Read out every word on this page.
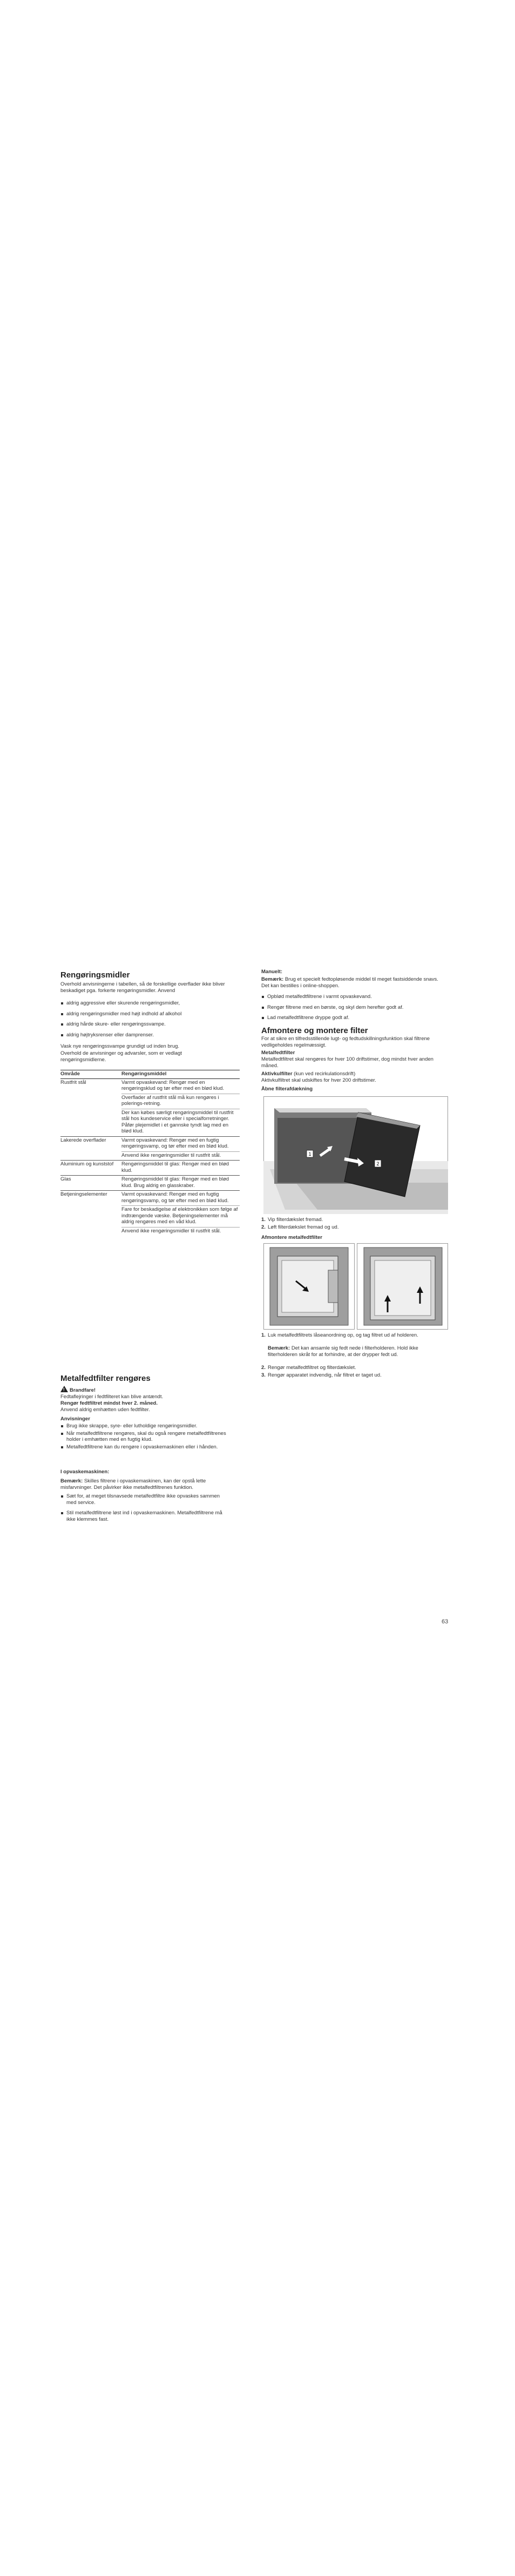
Rengøringsmidler

Overhold anvisningerne i tabellen, så de forskellige overflader ikke bliver beskadiget pga. forkerte rengøringsmidler. Anvend

aldrig aggressive eller skurende rengøringsmidler,
aldrig rengøringsmidler med højt indhold af alkohol
aldrig hårde skure- eller rengøringssvampe.
aldrig højtryksrenser eller damprenser.

Vask nye rengøringssvampe grundigt ud inden brug.

Overhold de anvisninger og advarsler, som er vedlagt rengøringsmidlerne.

Område	Rengøringsmiddel
Rustfrit stål	Varmt opvaskevand: Rengør med en rengøringsklud og tør efter med en blød klud.
	Overflader af rustfrit stål må kun rengøres i polerings-retning.
	Der kan købes særligt rengøringsmiddel til rustfrit stål hos kundeservice eller i specialforretninger. Påfør plejemidlet i et gannske tyndt lag med en blød klud.
Lakerede overflader	Varmt opvaskevand: Rengør med en fugtig rengøringsvamp, og tør efter med en blød klud.
	Anvend ikke rengøringsmidler til rustfrit stål.
Aluminium og kunststof	Rengøringsmiddel til glas: Rengør med en blød klud.
Glas	Rengøringsmiddel til glas: Rengør med en blød klud. Brug aldrig en glasskraber.
Betjeningselementer	Varmt opvaskevand: Rengør med en fugtig rengøringsvamp, og tør efter med en blød klud.
	Fare for beskadigelse af elektronikken som følge af indtrængende væske. Betjeningselementer må aldrig rengøres med en våd klud.
	Anvend ikke rengøringsmidler til rustfrit stål.
Metalfedtfilter rengøres
!Brandfare!

Fedtaflejringer i fedtfilteret kan blive antændt.

Rengør fedtfiltret mindst hver 2. måned.

Anvend aldrig emhætten uden fedtfilter.

Anvisninger

Brug ikke skrappe, syre- eller lutholdige rengøringsmidler.
Når metalfedtfiltrene rengøres, skal du også rengøre metalfedtfiltrenes holder i emhætten med en fugtig klud.
Metalfedtfiltrene kan du rengøre i opvaskemaskinen eller i hånden.

I opvaskemaskinen:

Bemærk: Skilles filtrene i opvaskemaskinen, kan der opstå lette misfarvninger. Det påvirker ikke metalfedtfiltrenes funktion.

Sæt for, at meget tilsnavsede metalfedtfiltre ikke opvaskes sammen med service.
Stil metalfedtfiltrene løst ind i opvaskemaskinen. Metalfedtfiltrene må ikke klemmes fast.

Manuelt:

Bemærk: Brug et specielt fedtopløsende middel til meget fastsiddende snavs. Det kan bestilles i online-shoppen.

Opblød metalfedtfiltrene i varmt opvaskevand.
Rengør filtrene med en børste, og skyl dem herefter godt af.
Lad metalfedtfiltrene dryppe godt af.
Afmontere og montere filter

For at sikre en tilfredsstillende lugt- og fedtudskillningsfunktion skal filtrene vedligeholdes regelmæssigt.

Metalfedtfilter

Metalfedtfiltret skal rengøres for hver 100 driftstimer, dog mindst hver anden måned.

Aktivkulfilter (kun ved recirkulationsdrift)

Aktivkulfiltret skal udskiftes for hver 200 driftstimer.

Åbne filterafdækning

1
2
1. Vip filterdækslet fremad.
2. Løft filterdækslet fremad og ud.

Afmontere metalfedtfilter

1. Luk metalfedtfiltrets låseanordning op, og tag filtret ud af holderen.

Bemærk: Det kan ansamle sig fedt nede i filterholderen. Hold ikke filterholderen skråt for at forhindre, at der drypper fedt ud.

2. Rengør metalfedtfiltret og filterdækslet.
3. Rengør apparatet indvendig, når filtret er taget ud.
63
